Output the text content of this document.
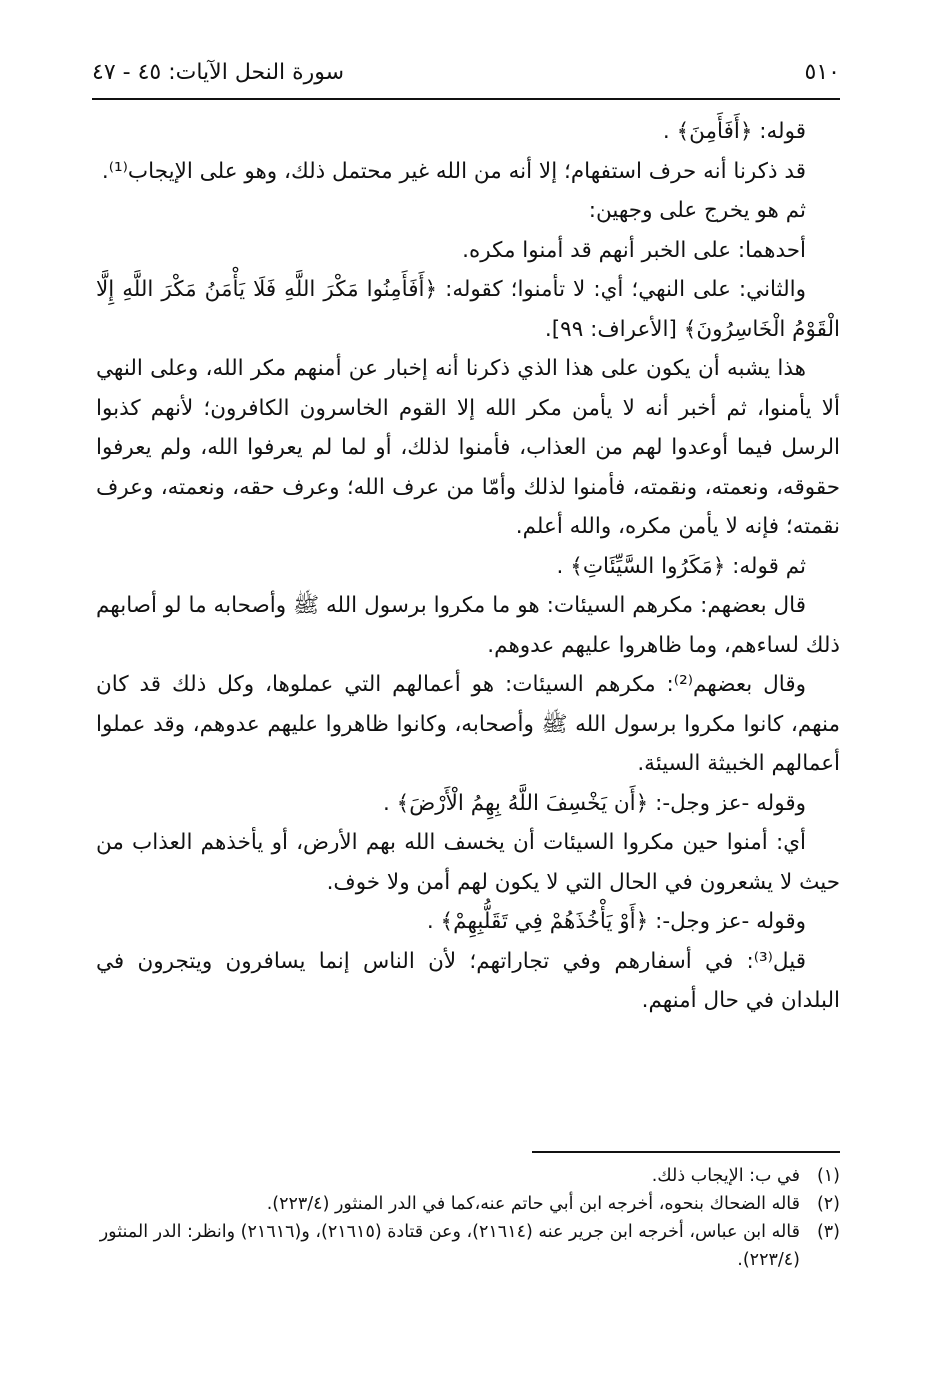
٥١٠
سورة النحل الآيات: ٤٥ - ٤٧

قوله: ﴿أَفَأَمِنَ﴾ .

قد ذكرنا أنه حرف استفهام؛ إلا أنه من الله غير محتمل ذلك، وهو على الإيجاب⁽¹⁾.

ثم هو يخرج على وجهين:

أحدهما: على الخبر أنهم قد أمنوا مكره.

والثاني: على النهي؛ أي: لا تأمنوا؛ كقوله: ﴿أَفَأَمِنُوا مَكْرَ اللَّهِ فَلَا يَأْمَنُ مَكْرَ اللَّهِ إِلَّا الْقَوْمُ الْخَاسِرُونَ﴾ [الأعراف: ٩٩].

هذا يشبه أن يكون على هذا الذي ذكرنا أنه إخبار عن أمنهم مكر الله، وعلى النهي ألا يأمنوا، ثم أخبر أنه لا يأمن مكر الله إلا القوم الخاسرون الكافرون؛ لأنهم كذبوا الرسل فيما أوعدوا لهم من العذاب، فأمنوا لذلك، أو لما لم يعرفوا الله، ولم يعرفوا حقوقه، ونعمته، ونقمته، فأمنوا لذلك وأمّا من عرف الله؛ وعرف حقه، ونعمته، وعرف نقمته؛ فإنه لا يأمن مكره، والله أعلم.

ثم قوله: ﴿مَكَرُوا السَّيِّئَاتِ﴾ .

قال بعضهم: مكرهم السيئات: هو ما مكروا برسول الله ﷺ وأصحابه ما لو أصابهم ذلك لساءهم، وما ظاهروا عليهم عدوهم.

وقال بعضهم⁽²⁾: مكرهم السيئات: هو أعمالهم التي عملوها، وكل ذلك قد كان منهم، كانوا مكروا برسول الله ﷺ وأصحابه، وكانوا ظاهروا عليهم عدوهم، وقد عملوا أعمالهم الخبيثة السيئة.

وقوله -عز وجل-: ﴿أَن يَخْسِفَ اللَّهُ بِهِمُ الْأَرْضَ﴾ .

أي: أمنوا حين مكروا السيئات أن يخسف الله بهم الأرض، أو يأخذهم العذاب من حيث لا يشعرون في الحال التي لا يكون لهم أمن ولا خوف.

وقوله -عز وجل-: ﴿أَوْ يَأْخُذَهُمْ فِي تَقَلُّبِهِمْ﴾ .

قيل⁽³⁾: في أسفارهم وفي تجاراتهم؛ لأن الناس إنما يسافرون ويتجرون في البلدان في حال أمنهم.

(١)
في ب: الإيجاب ذلك.
(٢)
قاله الضحاك بنحوه، أخرجه ابن أبي حاتم عنه،كما في الدر المنثور (٢٢٣/٤).
(٣)
قاله ابن عباس، أخرجه ابن جرير عنه (٢١٦١٤)، وعن قتادة (٢١٦١٥)، و(٢١٦١٦) وانظر: الدر المنثور (٢٢٣/٤).
